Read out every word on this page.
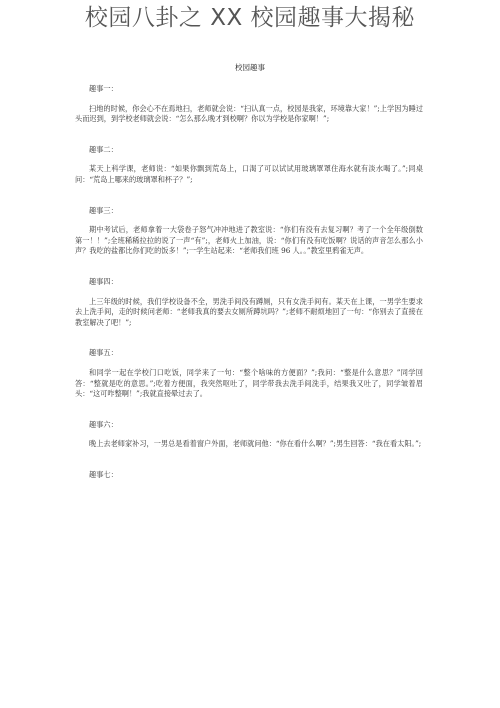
校园八卦之 XX 校园趣事大揭秘
校园趣事
趣事一：

扫地的时候，你会心不在焉地扫，老师就会说：“扫认真一点，校园是我家，环境靠大家！”;上学因为睡过头而迟到，到学校老师就会说：“怎么那么晚才到校啊？你以为学校是你家啊！”;

趣事二：

某天上科学课，老师说：“如果你飘到荒岛上，口渴了可以试试用玻璃罩罩住海水就有淡水喝了。”;同桌问：“荒岛上哪来的玻璃罩和杯子？”;

趣事三：

期中考试后，老师拿着一大袋卷子怒气冲冲地进了教室说：“你们有没有去复习啊？考了一个全年级倒数第一！！”;全班稀稀拉拉的说了一声“有”;，老师火上加油，说：“你们有没有吃饭啊？说话的声音怎么那么小声？我吃的盐都比你们吃的饭多！”;一学生站起来：“老师我们班 96 人。。”教室里鸦雀无声。

趣事四：

上三年级的时候，我们学校设备不全，男洗手间没有蹲厕，只有女洗手间有。某天在上课，一男学生要求去上洗手间，走的时候问老师：“老师我真的要去女厕所蹲坑吗？”;老师不耐烦地回了一句：“你别去了直接在教室解决了吧！”;

趣事五：

和同学一起在学校门口吃饭，同学来了一句：“整个啥味的方便面？”;我问：“整是什么意思？”同学回答：“整就是吃的意思。”;吃着方便面，我突然呕吐了，同学带我去洗手间洗手，结果我又吐了，同学皱着眉头：“这可咋整啊！”;我就直接晕过去了。

趣事六：

晚上去老师家补习，一男总是看着窗户外面，老师就问他：“你在看什么啊？”;男生回答：“我在看太阳。”;

趣事七：
